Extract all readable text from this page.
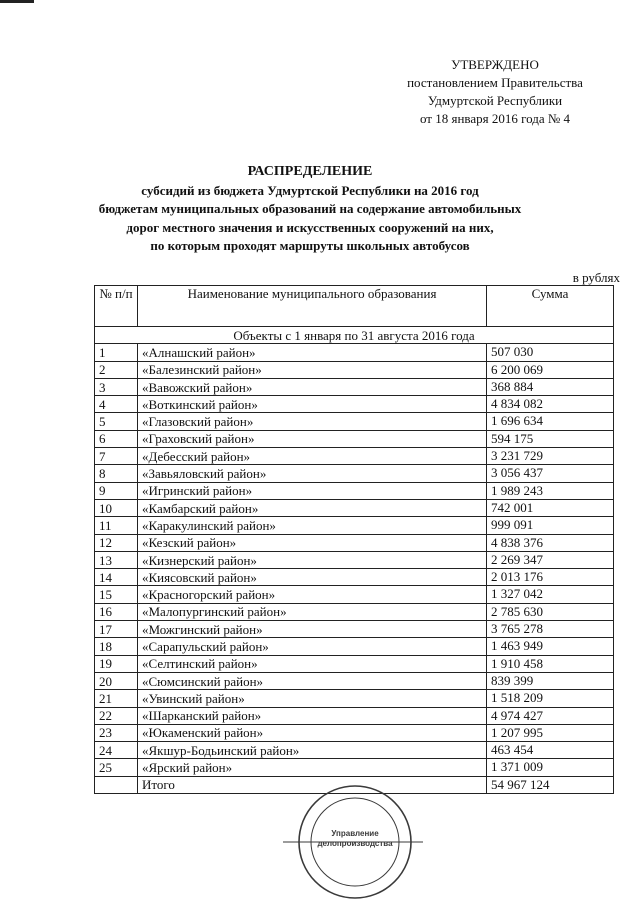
УТВЕРЖДЕНО
постановлением Правительства
Удмуртской Республики
от 18 января 2016 года № 4
РАСПРЕДЕЛЕНИЕ
субсидий из бюджета Удмуртской Республики на 2016 год
бюджетам муниципальных образований на содержание автомобильных
дорог местного значения и искусственных сооружений на них,
по которым проходят маршруты школьных автобусов
в рублях
№ п/п	Наименование муниципального образования	Сумма
Объекты с 1 января по 31 августа 2016 года		
1	«Алнашский район»	507 030
2	«Балезинский район»	6 200 069
3	«Вавожский район»	368 884
4	«Воткинский район»	4 834 082
5	«Глазовский район»	1 696 634
6	«Граховский район»	594 175
7	«Дебесский район»	3 231 729
8	«Завьяловский район»	3 056 437
9	«Игринский район»	1 989 243
10	«Камбарский район»	742 001
11	«Каракулинский район»	999 091
12	«Кезский район»	4 838 376
13	«Кизнерский район»	2 269 347
14	«Киясовский район»	2 013 176
15	«Красногорский район»	1 327 042
16	«Малопургинский район»	2 785 630
17	«Можгинский район»	3 765 278
18	«Сарапульский район»	1 463 949
19	«Селтинский район»	1 910 458
20	«Сюмсинский район»	839 399
21	«Увинский район»	1 518 209
22	«Шарканский район»	4 974 427
23	«Юкаменский район»	1 207 995
24	«Якшур-Бодьинский район»	463 454
25	«Ярский район»	1 371 009
	Итого	54 967 124
Управление
делопроизводства
